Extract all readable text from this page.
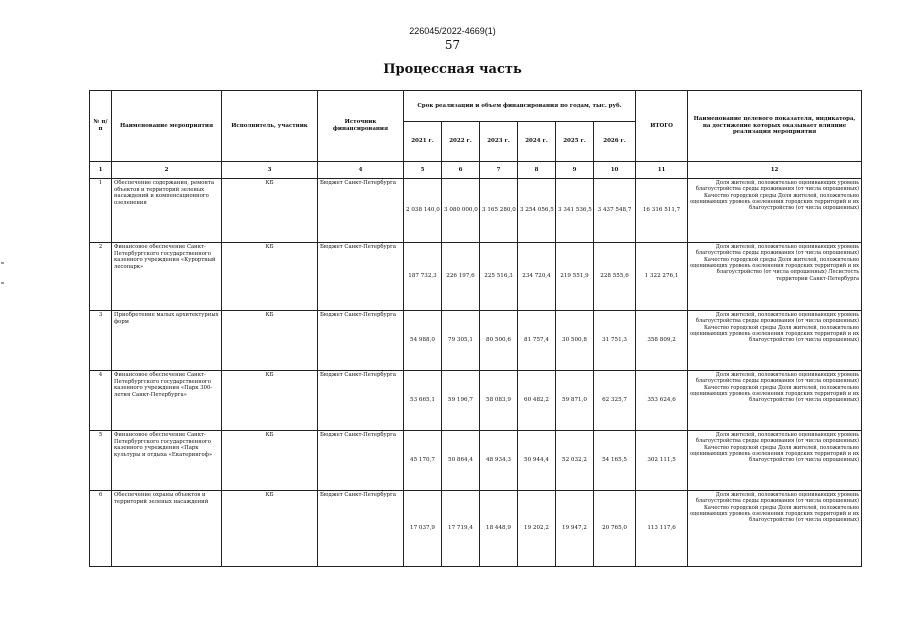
226045/2022-4669(1)
57
Процессная часть
№ п/п	Наименование мероприятия	Исполнитель, участник	Источник финансирования	Срок реализации и объем финансирования по годам, тыс. руб.						ИТОГО	Наименование целевого показателя, индикатора, на достижение которых оказывает влияние реализация мероприятия
				2021 г.	2022 г.	2023 г.	2024 г.	2025 г.	2026 г.		
1	2	3	4	5	6	7	8	9	10	11	12
1	Обеспечение содержания, ремонта объектов и территорий зеленых насаждений и компенсационного озеленения	КБ	Бюджет Санкт-Петербурга	2 038 140,0	3 080 000,0	3 165 280,0	3 254 056,5	3 341 536,5	3 437 548,7	16 316 511,7	Доля жителей, положительно оценивающих уровень благоустройства среды проживания (от числа опрошенных) Качество городской среды Доля жителей, положительно оценивающих уровень озеленения городских территорий и их благоустройство (от числа опрошенных)
2	Финансовое обеспечение Санкт-Петербургского государственного казенного учреждения «Курортный лесопарк»	КБ	Бюджет Санкт-Петербурга	187 732,3	226 197,6	225 516,3	234 720,4	219 551,9	228 555,6	1 322 276,1	Доля жителей, положительно оценивающих уровень благоустройства среды проживания (от числа опрошенных) Качество городской среды Доля жителей, положительно оценивающих уровень озеленения городских территорий и их благоустройство (от числа опрошенных) Лесистость территории Санкт-Петербурга
3	Приобретение малых архитектурных форм	КБ	Бюджет Санкт-Петербурга	54 988,0	79 305,1	80 500,6	81 757,4	30 500,8	31 751,3	358 809,2	Доля жителей, положительно оценивающих уровень благоустройства среды проживания (от числа опрошенных) Качество городской среды Доля жителей, положительно оценивающих уровень озеленения городских территорий и их благоустройство (от числа опрошенных)
4	Финансовое обеспечение Санкт-Петербургского государственного казенного учреждения «Парк 300-летия Санкт-Петербурга»	КБ	Бюджет Санкт-Петербурга	53 665,1	59 196,7	58 083,9	60 482,2	59 871,0	62 325,7	353 624,6	Доля жителей, положительно оценивающих уровень благоустройства среды проживания (от числа опрошенных) Качество городской среды Доля жителей, положительно оценивающих уровень озеленения городских территорий и их благоустройство (от числа опрошенных)
5	Финансовое обеспечение Санкт-Петербургского государственного казенного учреждения «Парк культуры и отдыха «Екатерингоф»	КБ	Бюджет Санкт-Петербурга	45 170,7	50 864,4	48 934,3	50 944,4	52 032,2	54 165,5	302 111,5	Доля жителей, положительно оценивающих уровень благоустройства среды проживания (от числа опрошенных) Качество городской среды Доля жителей, положительно оценивающих уровень озеленения городских территорий и их благоустройство (от числа опрошенных)
6	Обеспечение охраны объектов и территорий зеленых насаждений	КБ	Бюджет Санкт-Петербурга	17 037,9	17 719,4	18 448,9	19 202,2	19 947,2	20 765,0	113 117,6	Доля жителей, положительно оценивающих уровень благоустройства среды проживания (от числа опрошенных) Качество городской среды Доля жителей, положительно оценивающих уровень озеленения городских территорий и их благоустройство (от числа опрошенных)
